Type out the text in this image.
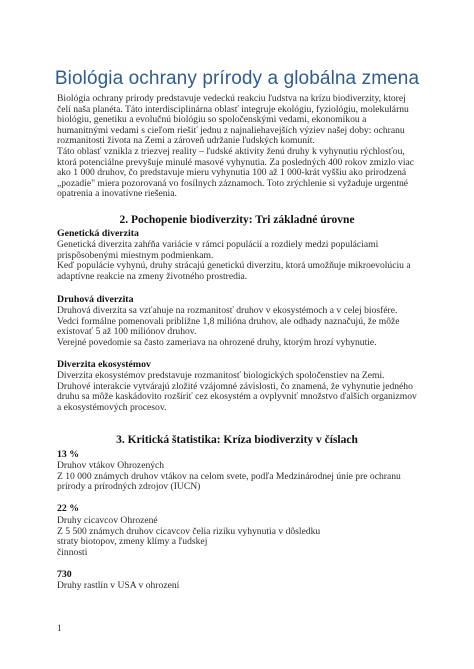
Biológia ochrany prírody a globálna zmena
Biológia ochrany prírody predstavuje vedeckú reakciu ľudstva na krízu biodiverzity, ktorej
čelí naša planéta. Táto interdisciplinárna oblasť integruje ekológiu, fyziológiu, molekulárnu
biológiu, genetiku a evolučnú biológiu so spoločenskými vedami, ekonomikou a
humanitnými vedami s cieľom riešiť jednu z najnaliehavejších výziev našej doby: ochranu
rozmanitosti života na Zemi a zároveň udržanie ľudských komunít.
Táto oblasť vznikla z triezvej reality – ľudské aktivity ženú druhy k vyhynutiu rýchlosťou,
ktorá potenciálne prevyšuje minulé masové vyhynutia. Za posledných 400 rokov zmizlo viac
ako 1 000 druhov, čo predstavuje mieru vyhynutia 100 až 1 000-krát vyššiu ako prirodzená
„pozadie" miera pozorovaná vo fosílnych záznamoch. Toto zrýchlenie si vyžaduje urgentné
opatrenia a inovatívne riešenia.
2. Pochopenie biodiverzity: Tri základné úrovne
Genetická diverzita
Genetická diverzita zahŕňa variácie v rámci populácií a rozdiely medzi populáciami
prispôsobenými miestnym podmienkam.
Keď populácie vyhynú, druhy strácajú genetickú diverzitu, ktorá umožňuje mikroevolúciu a
adaptívne reakcie na zmeny životného prostredia.
Druhová diverzita
Druhová diverzita sa vzťahuje na rozmanitosť druhov v ekosystémoch a v celej biosfére.
Vedci formálne pomenovali približne 1,8 milióna druhov, ale odhady naznačujú, že môže
existovať 5 až 100 miliónov druhov.
Verejné povedomie sa často zameriava na ohrozené druhy, ktorým hrozí vyhynutie.
Diverzita ekosystémov
Diverzita ekosystémov predstavuje rozmanitosť biologických spoločenstiev na Zemi.
Druhové interakcie vytvárajú zložité vzájomné závislosti, čo znamená, že vyhynutie jedného
druhu sa môže kaskádovito rozšíriť cez ekosystém a ovplyvniť množstvo ďalších organizmov
a ekosystémových procesov.
3. Kritická štatistika: Kríza biodiverzity v číslach
13 %
Druhov vtákov Ohrozených
Z 10 000 známych druhov vtákov na celom svete, podľa Medzinárodnej únie pre ochranu
prírody a prírodných zdrojov (IUCN)
22 %
Druhy cicavcov Ohrozené
Z 5 500 známych druhov cicavcov čelia riziku vyhynutia v dôsledku
straty biotopov, zmeny klímy a ľudskej
činnosti
730
Druhy rastlín v USA v ohrození
1
